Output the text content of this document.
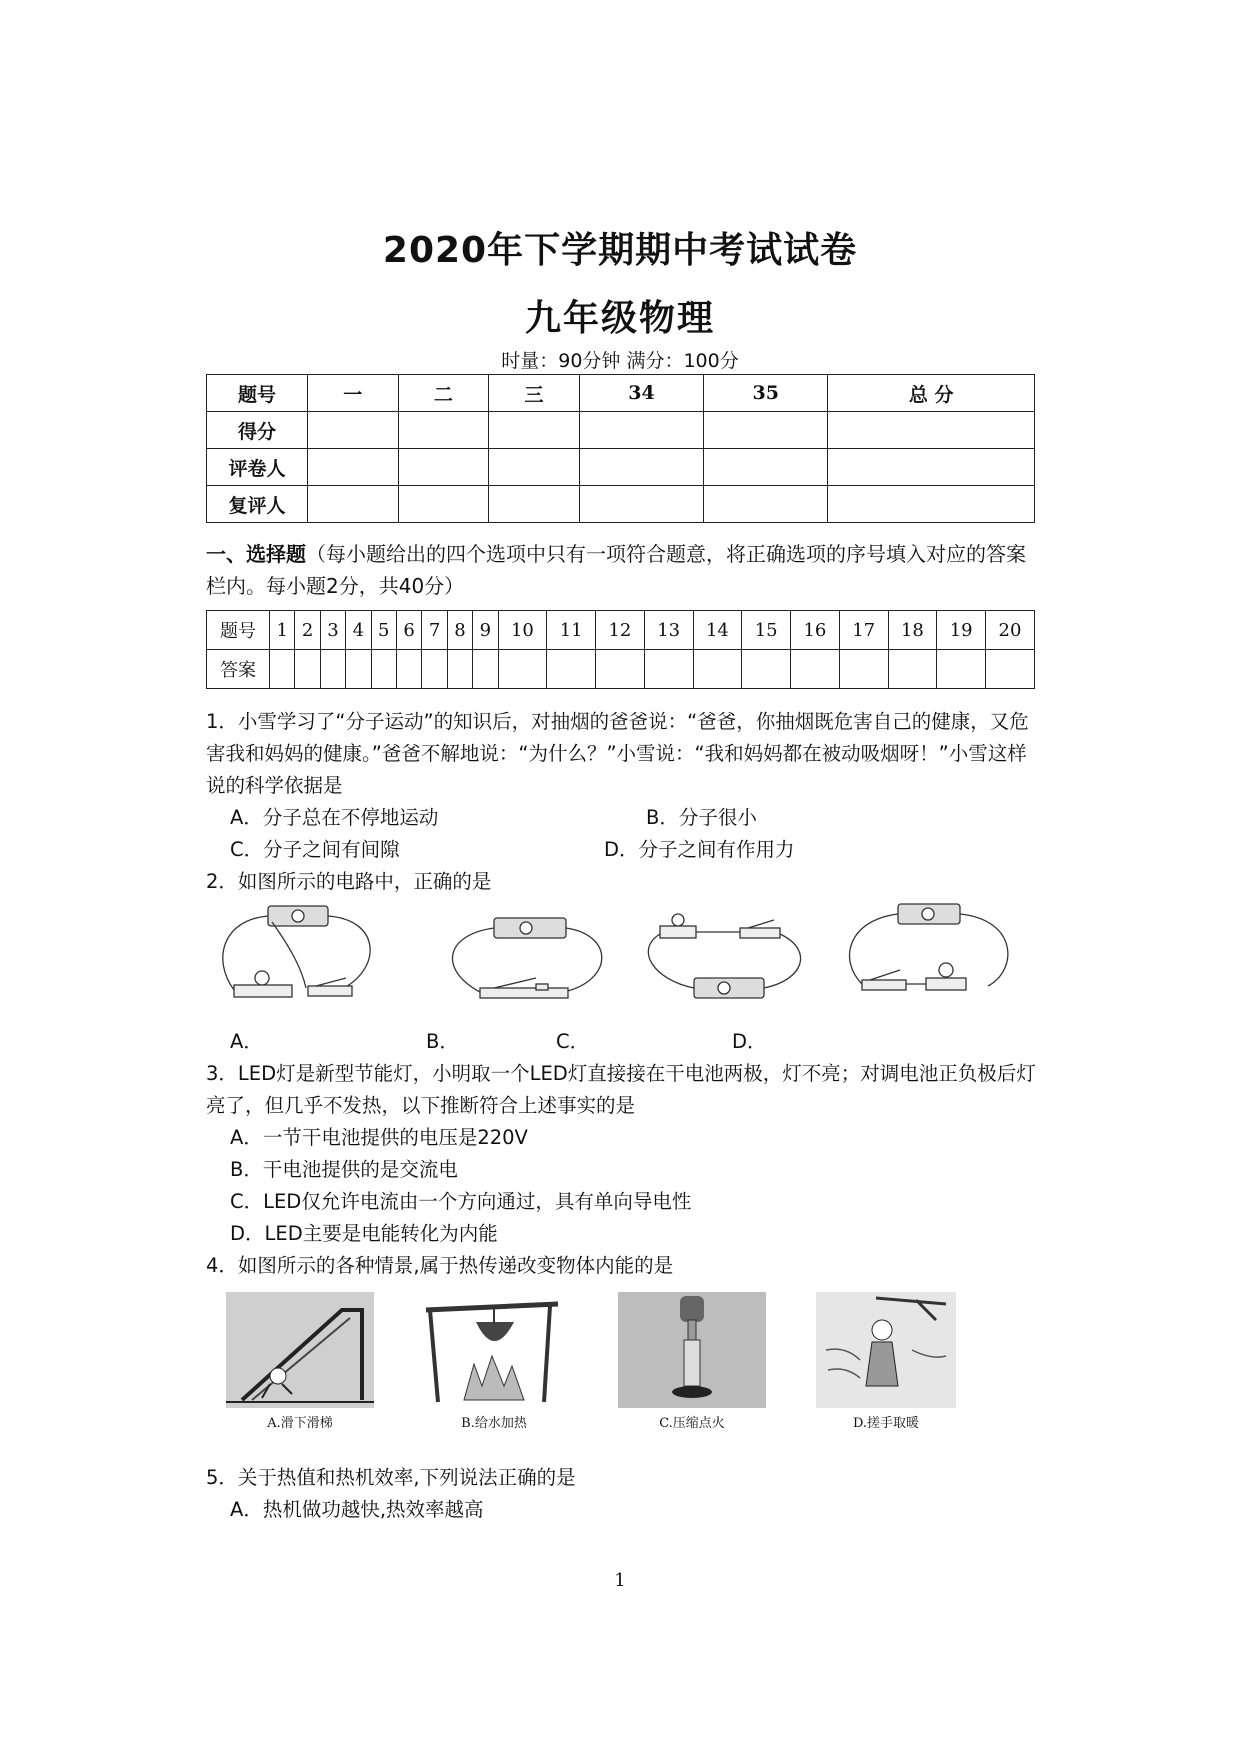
2020年下学期期中考试试卷
九年级物理
时量：90分钟 满分：100分
题号	一	二	三	34	35	总 分
得分						
评卷人						
复评人						
一、选择题（每小题给出的四个选项中只有一项符合题意，将正确选项的序号填入对应的答案栏内。每小题2分，共40分）
题号	1	2	3	4	5	6	7	8	9	10	11	12	13	14	15	16	17	18	19	20
答案																				
1．小雪学习了“分子运动”的知识后，对抽烟的爸爸说：“爸爸，你抽烟既危害自己的健康，又危害我和妈妈的健康。”爸爸不解地说：“为什么？”小雪说：“我和妈妈都在被动吸烟呀！”小雪这样说的科学依据是
A．分子总在不停地运动	B．分子很小
C．分子之间有间隙	D．分子之间有作用力
2．如图所示的电路中，正确的是
A．	B．	C．	D．
3．LED灯是新型节能灯，小明取一个LED灯直接接在干电池两极，灯不亮；对调电池正负极后灯亮了，但几乎不发热，以下推断符合上述事实的是
A．一节干电池提供的电压是220V
B．干电池提供的是交流电
C．LED仅允许电流由一个方向通过，具有单向导电性
D．LED主要是电能转化为内能
4．如图所示的各种情景,属于热传递改变物体内能的是
A.滑下滑梯	B.给水加热	C.压缩点火	D.搓手取暖
5．关于热值和热机效率,下列说法正确的是
A．热机做功越快,热效率越高
1
